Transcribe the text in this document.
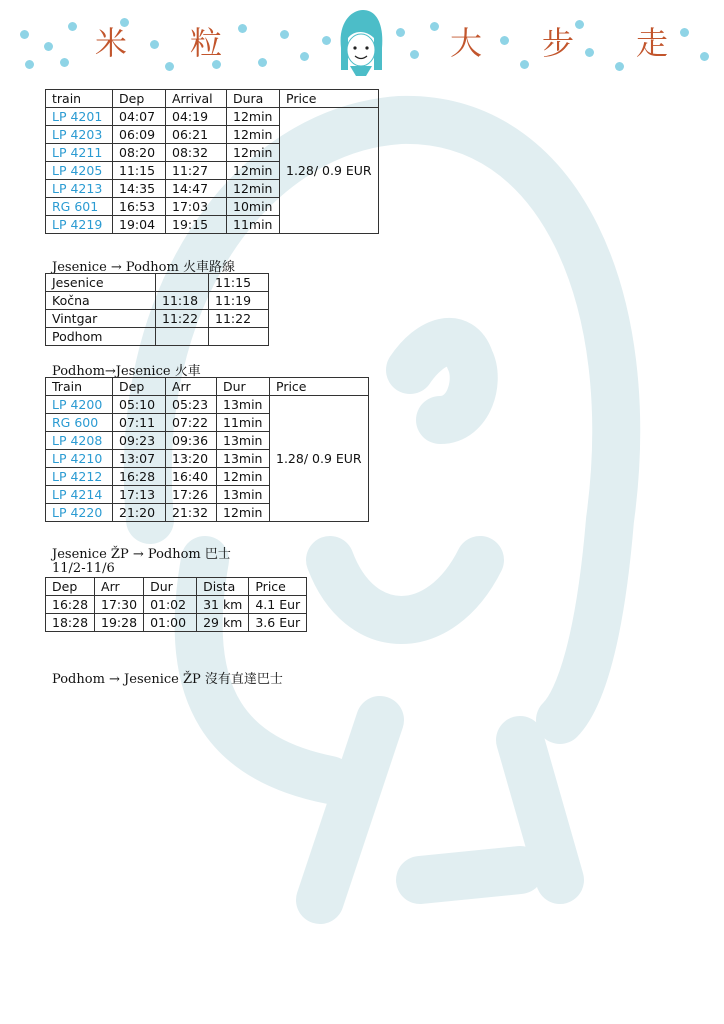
米 粒	大 步 走
train	Dep	Arrival	Dura	Price
LP 4201	04:07	04:19	12min	1.28/ 0.9 EUR
LP 4203	06:09	06:21	12min	
LP 4211	08:20	08:32	12min	
LP 4205	11:15	11:27	12min	
LP 4213	14:35	14:47	12min	
RG 601	16:53	17:03	10min	
LP 4219	19:04	19:15	11min	
Jesenice → Podhom 火車路線
Jesenice		11:15
Kočna	11:18	11:19
Vintgar	11:22	11:22
Podhom		
Podhom→Jesenice 火車
Train	Dep	Arr	Dur	Price
LP 4200	05:10	05:23	13min	1.28/ 0.9 EUR
RG 600	07:11	07:22	11min	
LP 4208	09:23	09:36	13min	
LP 4210	13:07	13:20	13min	
LP 4212	16:28	16:40	12min	
LP 4214	17:13	17:26	13min	
LP 4220	21:20	21:32	12min	
Jesenice ŽP → Podhom 巴士
11/2-11/6
Dep	Arr	Dur	Dista	Price
16:28	17:30	01:02	31 km	4.1 Eur
18:28	19:28	01:00	29 km	3.6 Eur
Podhom → Jesenice ŽP 沒有直達巴士
